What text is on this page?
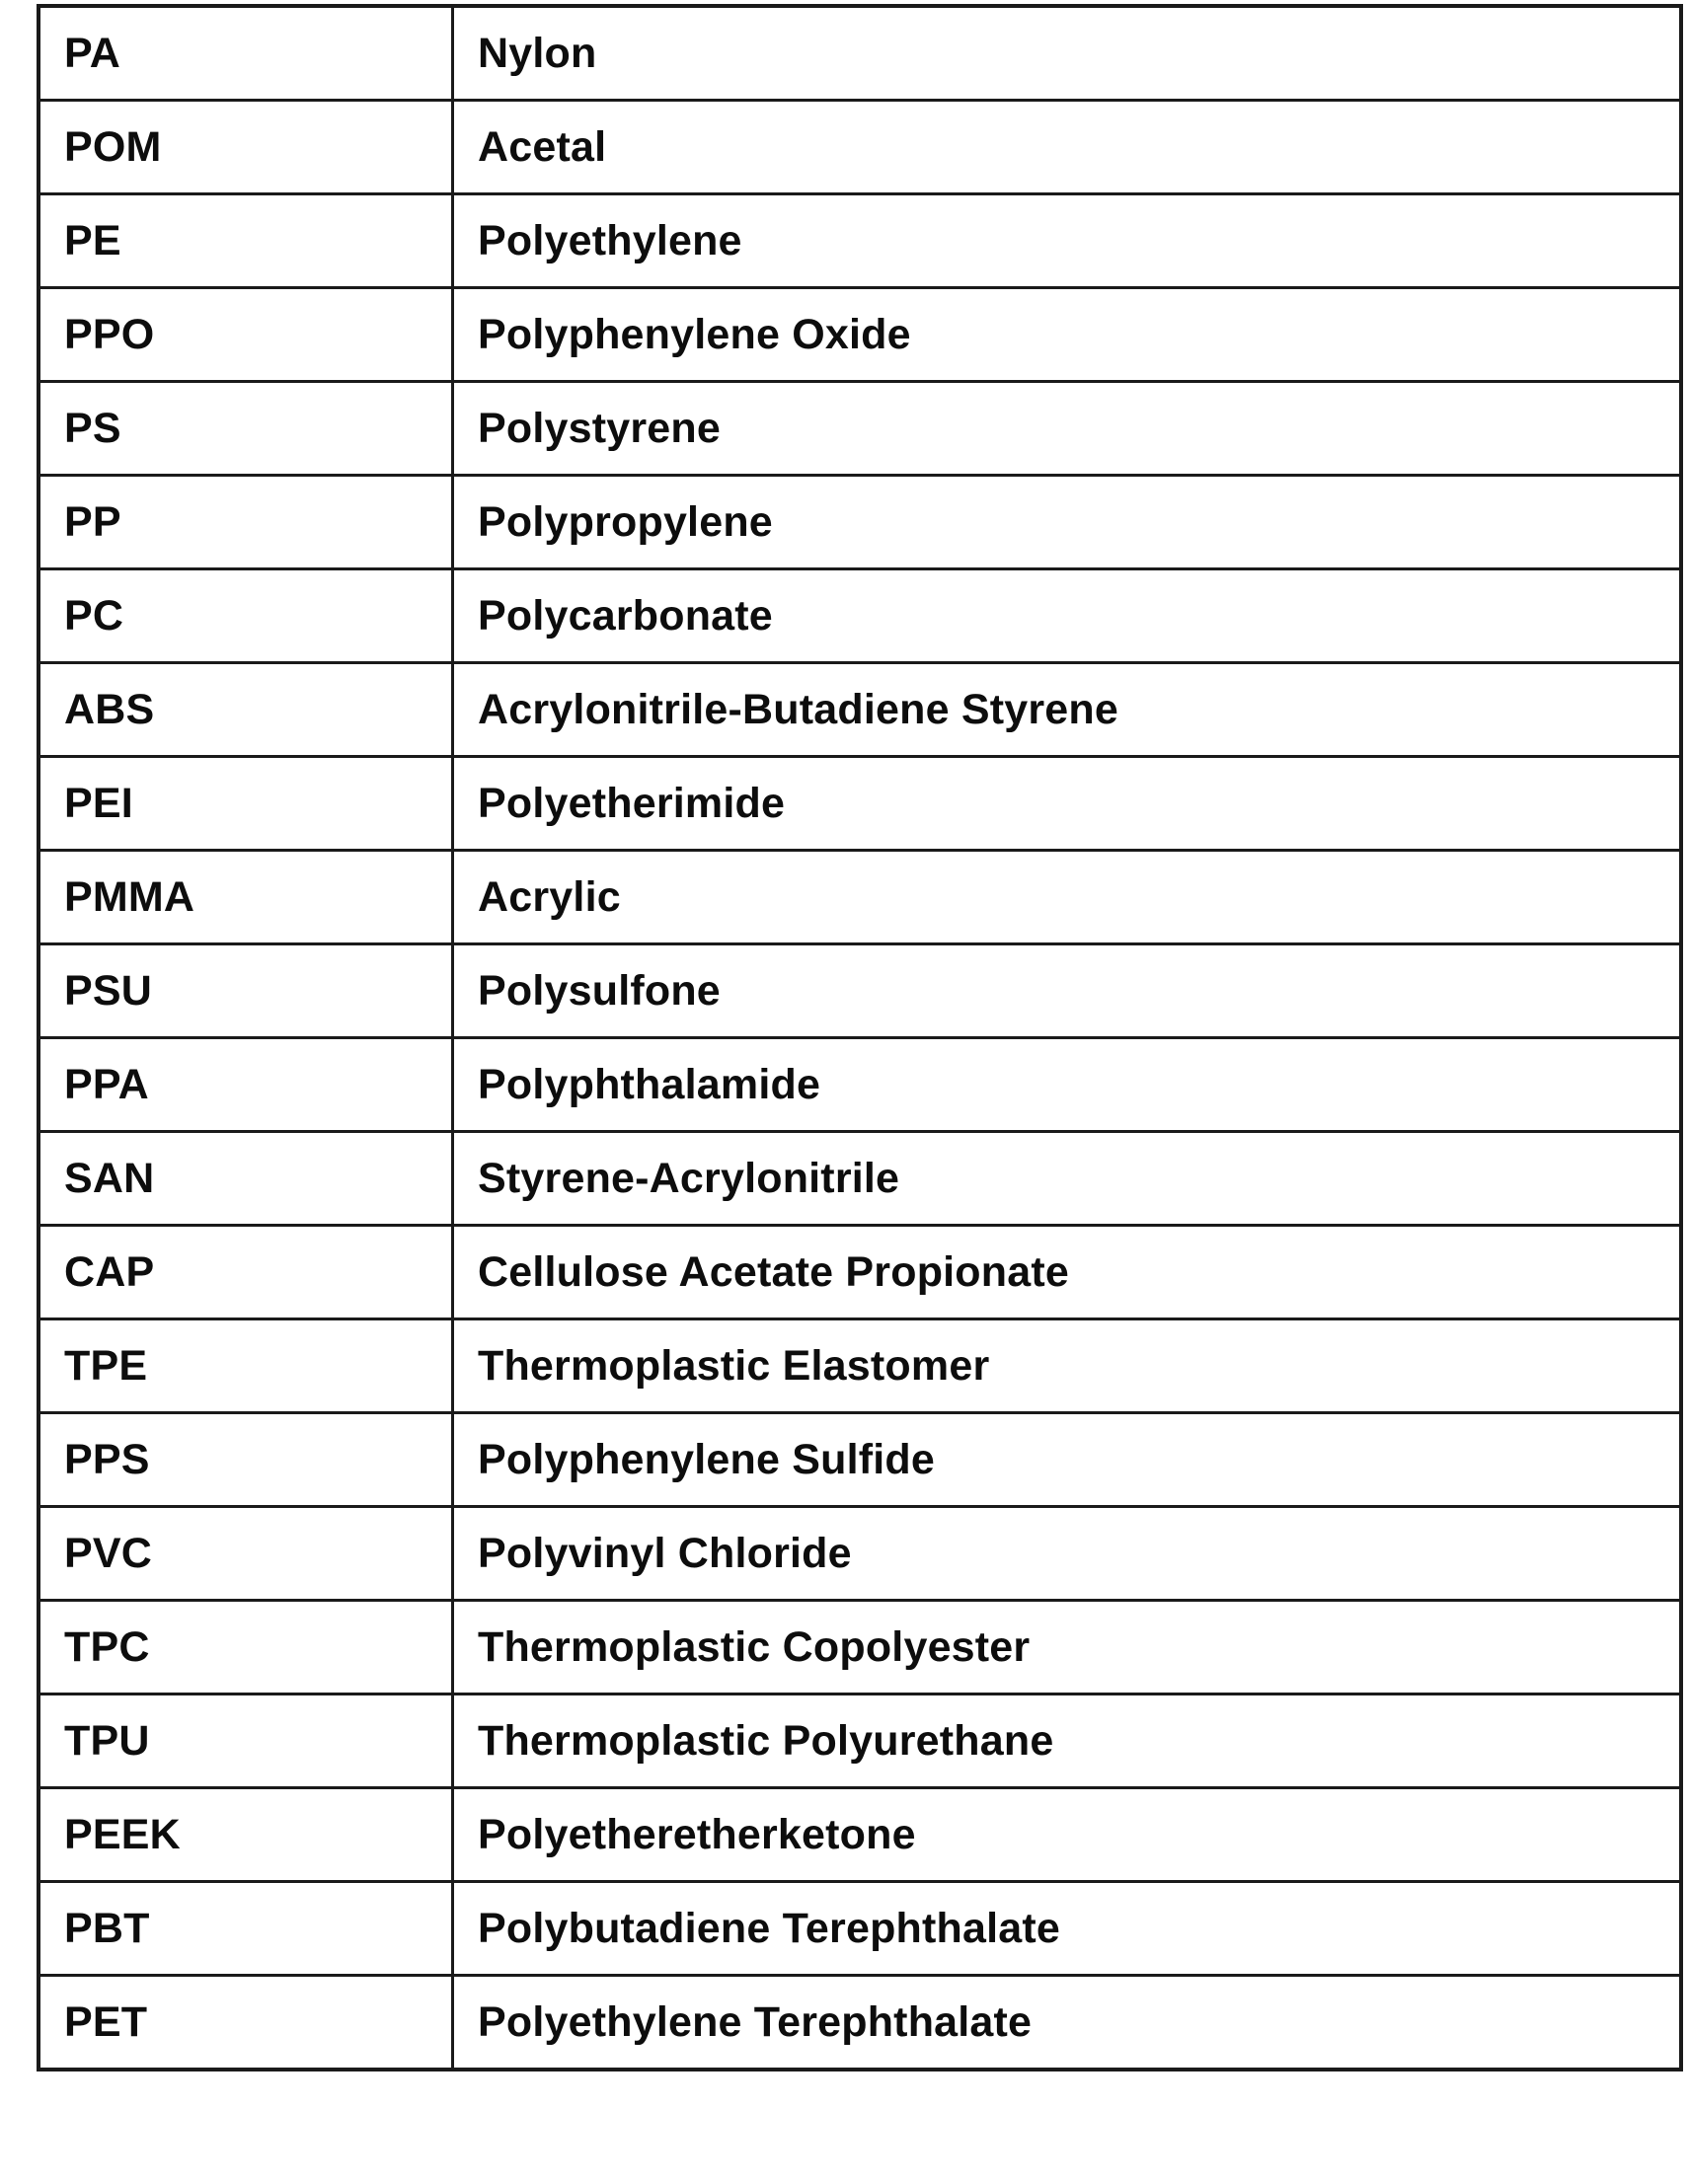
PA	Nylon
POM	Acetal
PE	Polyethylene
PPO	Polyphenylene Oxide
PS	Polystyrene
PP	Polypropylene
PC	Polycarbonate
ABS	Acrylonitrile-Butadiene Styrene
PEI	Polyetherimide
PMMA	Acrylic
PSU	Polysulfone
PPA	Polyphthalamide
SAN	Styrene-Acrylonitrile
CAP	Cellulose Acetate Propionate
TPE	Thermoplastic Elastomer
PPS	Polyphenylene Sulfide
PVC	Polyvinyl Chloride
TPC	Thermoplastic Copolyester
TPU	Thermoplastic Polyurethane
PEEK	Polyetheretherketone
PBT	Polybutadiene Terephthalate
PET	Polyethylene Terephthalate
